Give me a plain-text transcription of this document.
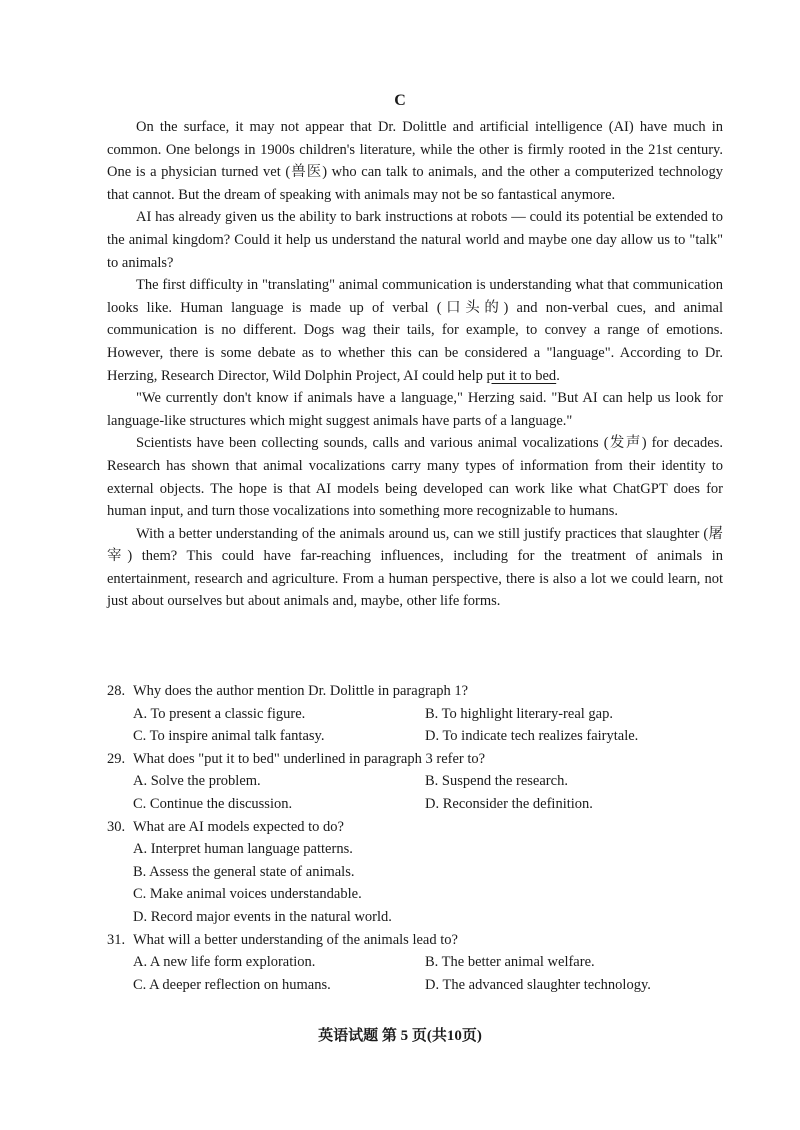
C

On the surface, it may not appear that Dr. Dolittle and artificial intelligence (AI) have much in common. One belongs in 1900s children's literature, while the other is firmly rooted in the 21st century. One is a physician turned vet (兽医) who can talk to animals, and the other a computerized technology that cannot. But the dream of speaking with animals may not be so fantastical anymore.

AI has already given us the ability to bark instructions at robots — could its potential be extended to the animal kingdom? Could it help us understand the natural world and maybe one day allow us to "talk" to animals?

The first difficulty in "translating" animal communication is understanding what that communication looks like. Human language is made up of verbal (口头的) and non-verbal cues, and animal communication is no different. Dogs wag their tails, for example, to convey a range of emotions. However, there is some debate as to whether this can be considered a "language". According to Dr. Herzing, Research Director, Wild Dolphin Project, AI could help put it to bed.

"We currently don't know if animals have a language," Herzing said. "But AI can help us look for language-like structures which might suggest animals have parts of a language."

Scientists have been collecting sounds, calls and various animal vocalizations (发声) for decades. Research has shown that animal vocalizations carry many types of information from their identity to external objects. The hope is that AI models being developed can work like what ChatGPT does for human input, and turn those vocalizations into something more recognizable to humans.

With a better understanding of the animals around us, can we still justify practices that slaughter (屠宰) them? This could have far-reaching influences, including for the treatment of animals in entertainment, research and agriculture. From a human perspective, there is also a lot we could learn, not just about ourselves but about animals and, maybe, other life forms.

28. Why does the author mention Dr. Dolittle in paragraph 1?
A. To present a classic figure.	B. To highlight literary-real gap.
C. To inspire animal talk fantasy.	D. To indicate tech realizes fairytale.
29. What does "put it to bed" underlined in paragraph 3 refer to?
A. Solve the problem.	B. Suspend the research.
C. Continue the discussion.	D. Reconsider the definition.
30. What are AI models expected to do?
A. Interpret human language patterns.
B. Assess the general state of animals.
C. Make animal voices understandable.
D. Record major events in the natural world.
31. What will a better understanding of the animals lead to?
A. A new life form exploration.	B. The better animal welfare.
C. A deeper reflection on humans.	D. The advanced slaughter technology.
英语试题 第 5 页(共10页)
